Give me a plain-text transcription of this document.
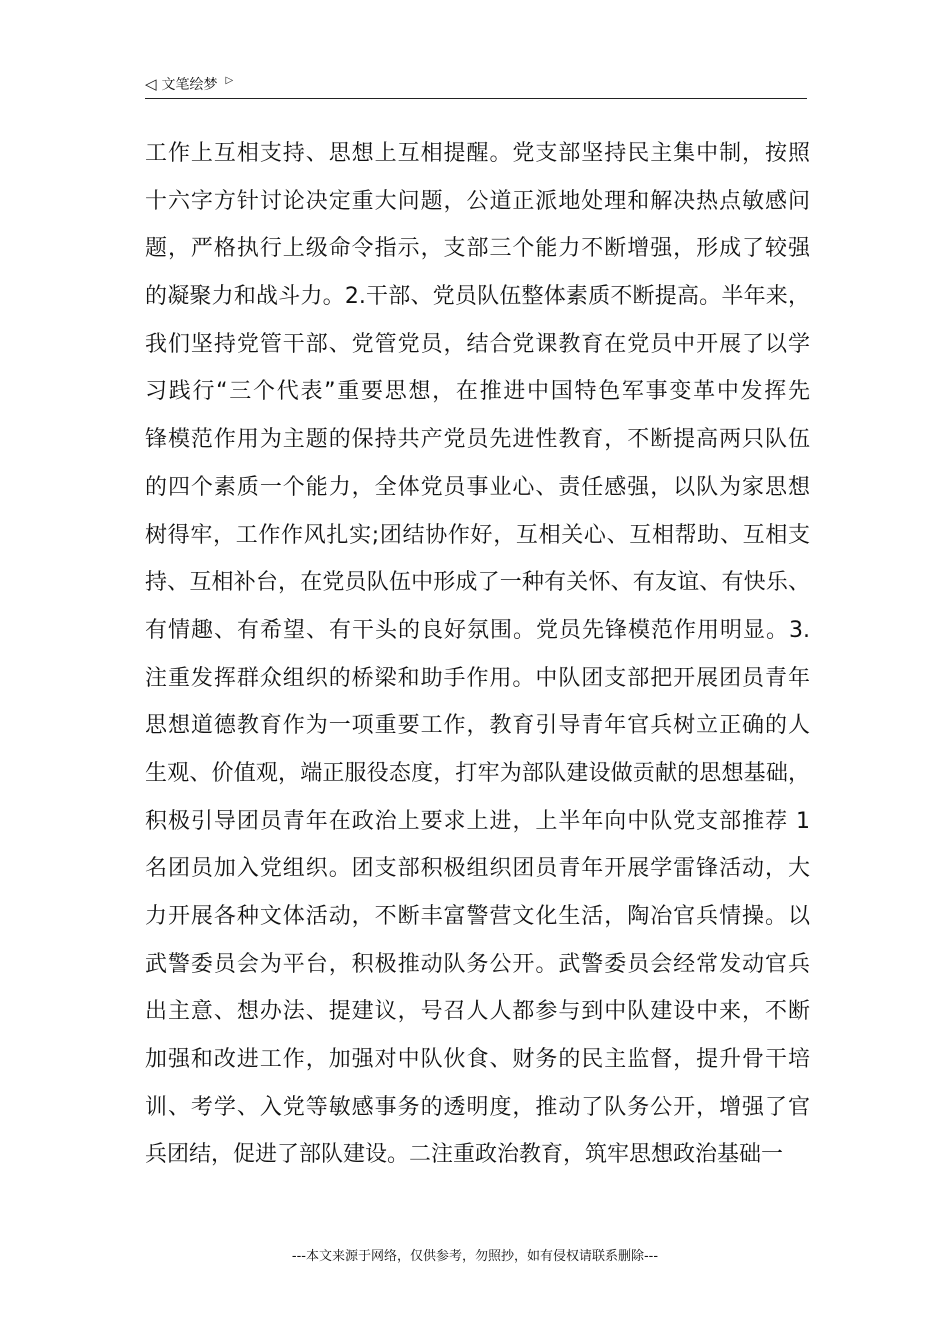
◁ 文笔绘梦 ▷
工作上互相支持、思想上互相提醒。党支部坚持民主集中制，按照
十六字方针讨论决定重大问题，公道正派地处理和解决热点敏感问
题，严格执行上级命令指示，支部三个能力不断增强，形成了较强
的凝聚力和战斗力。2.干部、党员队伍整体素质不断提高。半年来，
我们坚持党管干部、党管党员，结合党课教育在党员中开展了以学
习践行“三个代表”重要思想，在推进中国特色军事变革中发挥先
锋模范作用为主题的保持共产党员先进性教育，不断提高两只队伍
的四个素质一个能力，全体党员事业心、责任感强，以队为家思想
树得牢，工作作风扎实;团结协作好，互相关心、互相帮助、互相支
持、互相补台，在党员队伍中形成了一种有关怀、有友谊、有快乐、
有情趣、有希望、有干头的良好氛围。党员先锋模范作用明显。3.
注重发挥群众组织的桥梁和助手作用。中队团支部把开展团员青年
思想道德教育作为一项重要工作，教育引导青年官兵树立正确的人
生观、价值观，端正服役态度，打牢为部队建设做贡献的思想基础，
积极引导团员青年在政治上要求上进，上半年向中队党支部推荐 1
名团员加入党组织。团支部积极组织团员青年开展学雷锋活动，大
力开展各种文体活动，不断丰富警营文化生活，陶冶官兵情操。以
武警委员会为平台，积极推动队务公开。武警委员会经常发动官兵
出主意、想办法、提建议，号召人人都参与到中队建设中来，不断
加强和改进工作，加强对中队伙食、财务的民主监督，提升骨干培
训、考学、入党等敏感事务的透明度，推动了队务公开，增强了官
兵团结，促进了部队建设。二注重政治教育，筑牢思想政治基础一
---本文来源于网络，仅供参考，勿照抄，如有侵权请联系删除---
